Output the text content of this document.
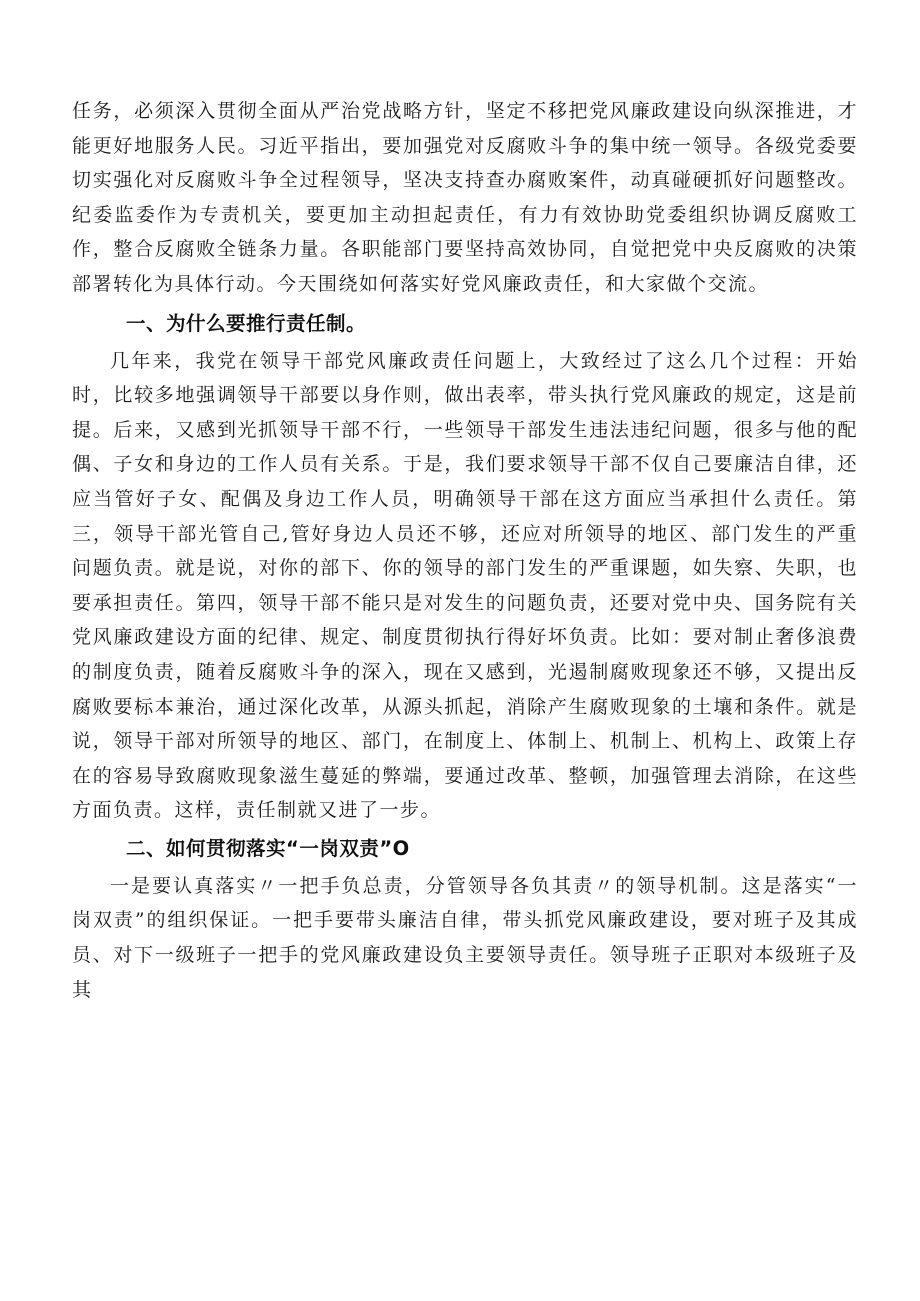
任务，必须深入贯彻全面从严治党战略方针，坚定不移把党风廉政建设向纵深推进，才能更好地服务人民。习近平指出，要加强党对反腐败斗争的集中统一领导。各级党委要切实强化对反腐败斗争全过程领导，坚决支持查办腐败案件，动真碰硬抓好问题整改。纪委监委作为专责机关，要更加主动担起责任，有力有效协助党委组织协调反腐败工作，整合反腐败全链条力量。各职能部门要坚持高效协同，自觉把党中央反腐败的决策部署转化为具体行动。今天围绕如何落实好党风廉政责任，和大家做个交流。

一、为什么要推行责任制。

几年来，我党在领导干部党风廉政责任问题上，大致经过了这么几个过程：开始时，比较多地强调领导干部要以身作则，做出表率，带头执行党风廉政的规定，这是前提。后来，又感到光抓领导干部不行，一些领导干部发生违法违纪问题，很多与他的配偶、子女和身边的工作人员有关系。于是，我们要求领导干部不仅自己要廉洁自律，还应当管好子女、配偶及身边工作人员，明确领导干部在这方面应当承担什么责任。第三，领导干部光管自己,管好身边人员还不够，还应对所领导的地区、部门发生的严重问题负责。就是说，对你的部下、你的领导的部门发生的严重课题，如失察、失职，也要承担责任。第四，领导干部不能只是对发生的问题负责，还要对党中央、国务院有关党风廉政建设方面的纪律、规定、制度贯彻执行得好坏负责。比如：要对制止奢侈浪费的制度负责，随着反腐败斗争的深入，现在又感到，光遏制腐败现象还不够，又提出反腐败要标本兼治，通过深化改革，从源头抓起，消除产生腐败现象的土壤和条件。就是说，领导干部对所领导的地区、部门，在制度上、体制上、机制上、机构上、政策上存在的容易导致腐败现象滋生蔓延的弊端，要通过改革、整顿，加强管理去消除，在这些方面负责。这样，责任制就又进了一步。

二、如何贯彻落实“一岗双责”O

一是要认真落实〃一把手负总责，分管领导各负其责〃的领导机制。这是落实“一岗双责”的组织保证。一把手要带头廉洁自律，带头抓党风廉政建设，要对班子及其成员、对下一级班子一把手的党风廉政建设负主要领导责任。领导班子正职对本级班子及其
